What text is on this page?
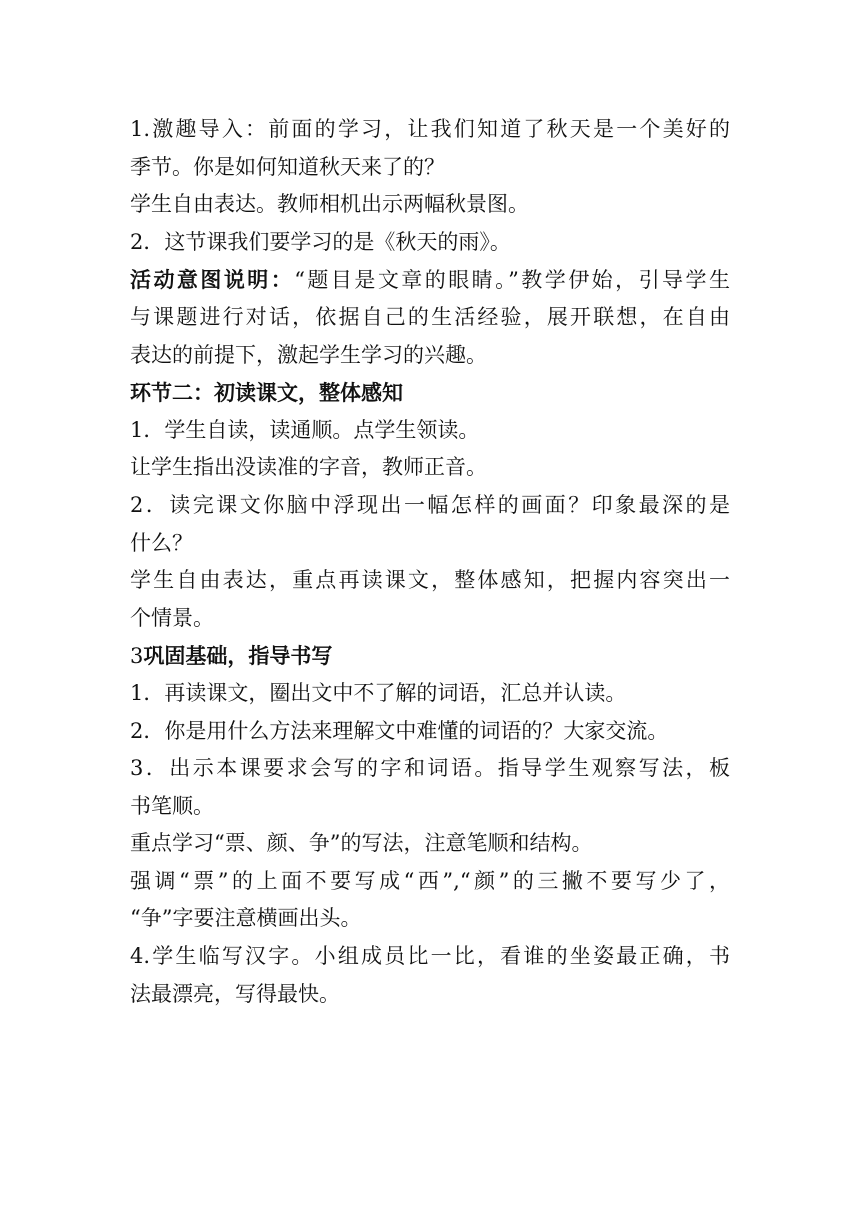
1.激趣导入：前面的学习，让我们知道了秋天是一个美好的
季节。你是如何知道秋天来了的？
学生自由表达。教师相机出示两幅秋景图。
2．这节课我们要学习的是《秋天的雨》。
活动意图说明：“题目是文章的眼睛。”教学伊始，引导学生
与课题进行对话，依据自己的生活经验，展开联想，在自由
表达的前提下，激起学生学习的兴趣。
环节二：初读课文，整体感知
1．学生自读，读通顺。点学生领读。
让学生指出没读准的字音，教师正音。
2．读完课文你脑中浮现出一幅怎样的画面？印象最深的是
什么？
学生自由表达，重点再读课文，整体感知，把握内容突出一
个情景。
3巩固基础，指导书写
1．再读课文，圈出文中不了解的词语，汇总并认读。
2．你是用什么方法来理解文中难懂的词语的？大家交流。
3．出示本课要求会写的字和词语。指导学生观察写法，板
书笔顺。
重点学习“票、颜、争”的写法，注意笔顺和结构。
强调“票”的上面不要写成“西”,“颜”的三撇不要写少了，
“争”字要注意横画出头。
4.学生临写汉字。小组成员比一比，看谁的坐姿最正确，书
法最漂亮，写得最快。
